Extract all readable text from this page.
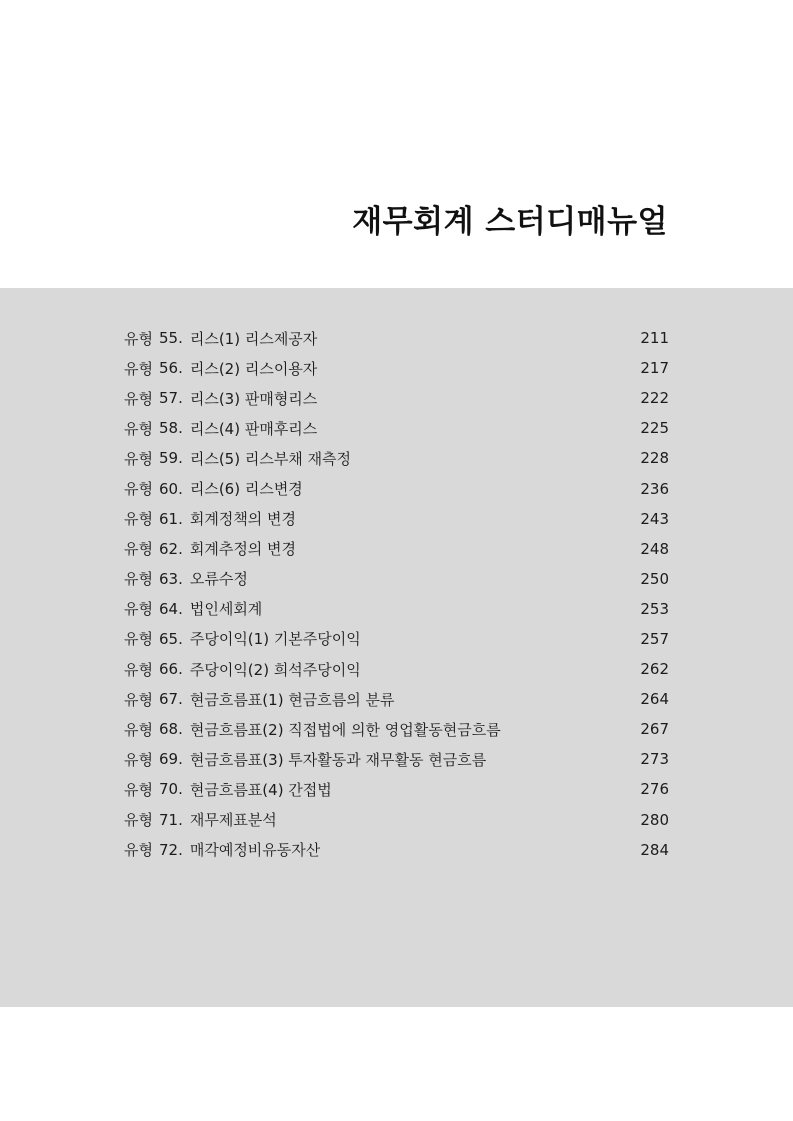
재무회계 스터디매뉴얼
유형 55. 리스(1) 리스제공자	211
유형 56. 리스(2) 리스이용자	217
유형 57. 리스(3) 판매형리스	222
유형 58. 리스(4) 판매후리스	225
유형 59. 리스(5) 리스부채 재측정	228
유형 60. 리스(6) 리스변경	236
유형 61. 회계정책의 변경	243
유형 62. 회계추정의 변경	248
유형 63. 오류수정	250
유형 64. 법인세회계	253
유형 65. 주당이익(1) 기본주당이익	257
유형 66. 주당이익(2) 희석주당이익	262
유형 67. 현금흐름표(1) 현금흐름의 분류	264
유형 68. 현금흐름표(2) 직접법에 의한 영업활동현금흐름	267
유형 69. 현금흐름표(3) 투자활동과 재무활동 현금흐름	273
유형 70. 현금흐름표(4) 간접법	276
유형 71. 재무제표분석	280
유형 72. 매각예정비유동자산	284
